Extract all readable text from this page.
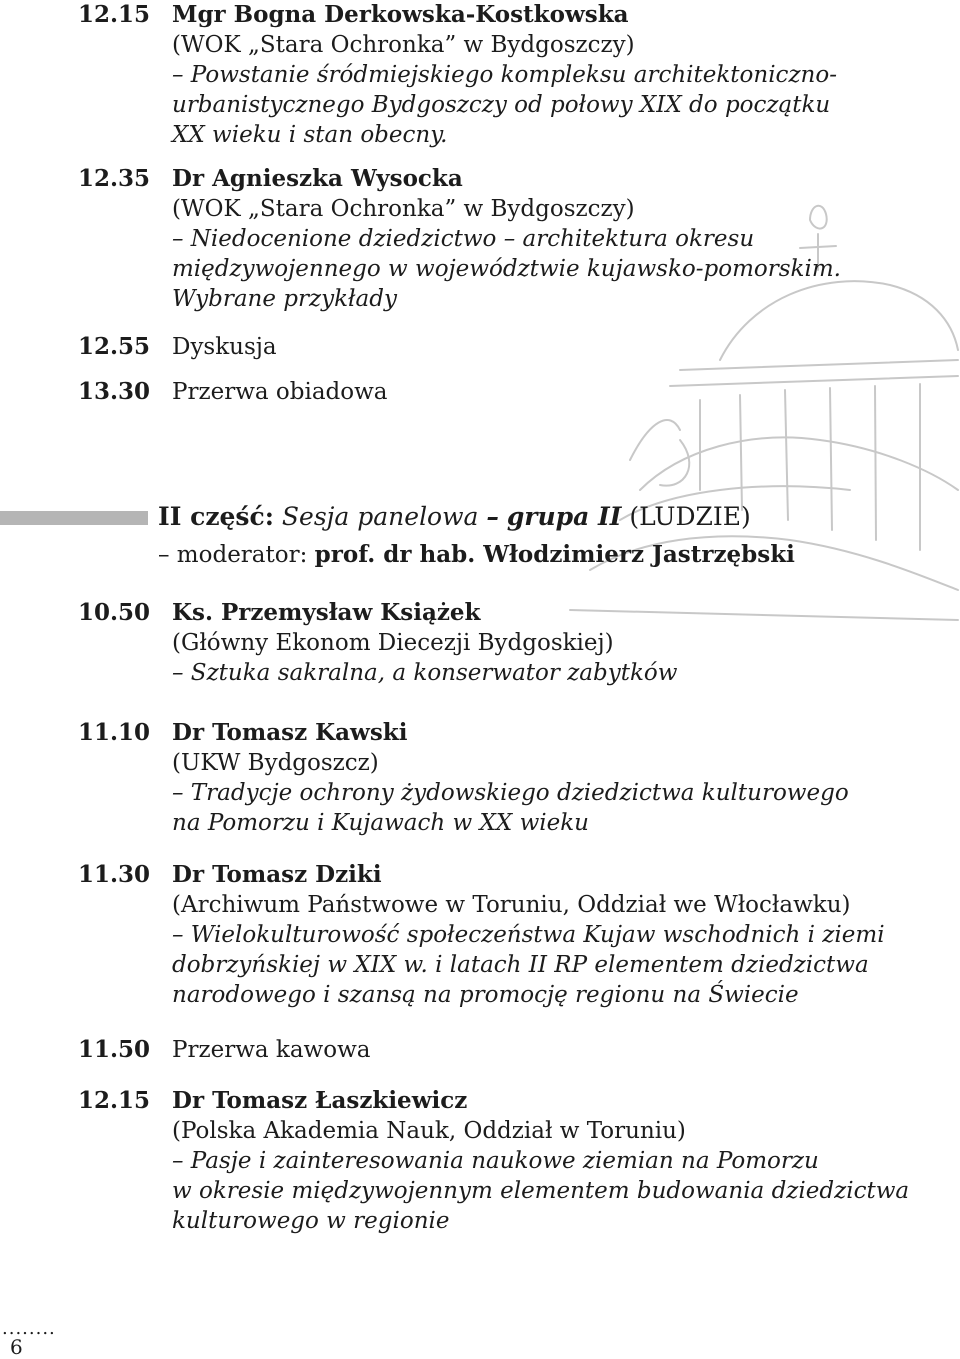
12.15 Mgr Bogna Derkowska-Kostkowska
(WOK „Stara Ochronka” w Bydgoszczy)
– Powstanie śródmiejskiego kompleksu architektoniczno-
urbanistycznego Bydgoszczy od połowy XIX do początku
XX wieku i stan obecny.
12.35 Dr Agnieszka Wysocka
(WOK „Stara Ochronka” w Bydgoszczy)
– Niedocenione dziedzictwo – architektura okresu
międzywojennego w województwie kujawsko-pomorskim.
Wybrane przykłady
12.55 Dyskusja
13.30 Przerwa obiadowa
II część: Sesja panelowa – grupa II (LUDZIE)
– moderator: prof. dr hab. Włodzimierz Jastrzębski
10.50 Ks. Przemysław Książek
(Główny Ekonom Diecezji Bydgoskiej)
– Sztuka sakralna, a konserwator zabytków
11.10 Dr Tomasz Kawski
(UKW Bydgoszcz)
– Tradycje ochrony żydowskiego dziedzictwa kulturowego
na Pomorzu i Kujawach w XX wieku
11.30 Dr Tomasz Dziki
(Archiwum Państwowe w Toruniu, Oddział we Włocławku)
– Wielokulturowość społeczeństwa Kujaw wschodnich i ziemi
dobrzyńskiej w XIX w. i latach II RP elementem dziedzictwa
narodowego i szansą na promocję regionu na Świecie
11.50 Przerwa kawowa
12.15 Dr Tomasz Łaszkiewicz
(Polska Akademia Nauk, Oddział w Toruniu)
– Pasje i zainteresowania naukowe ziemian na Pomorzu
w okresie międzywojennym elementem budowania dziedzictwa
kulturowego w regionie
........
6
